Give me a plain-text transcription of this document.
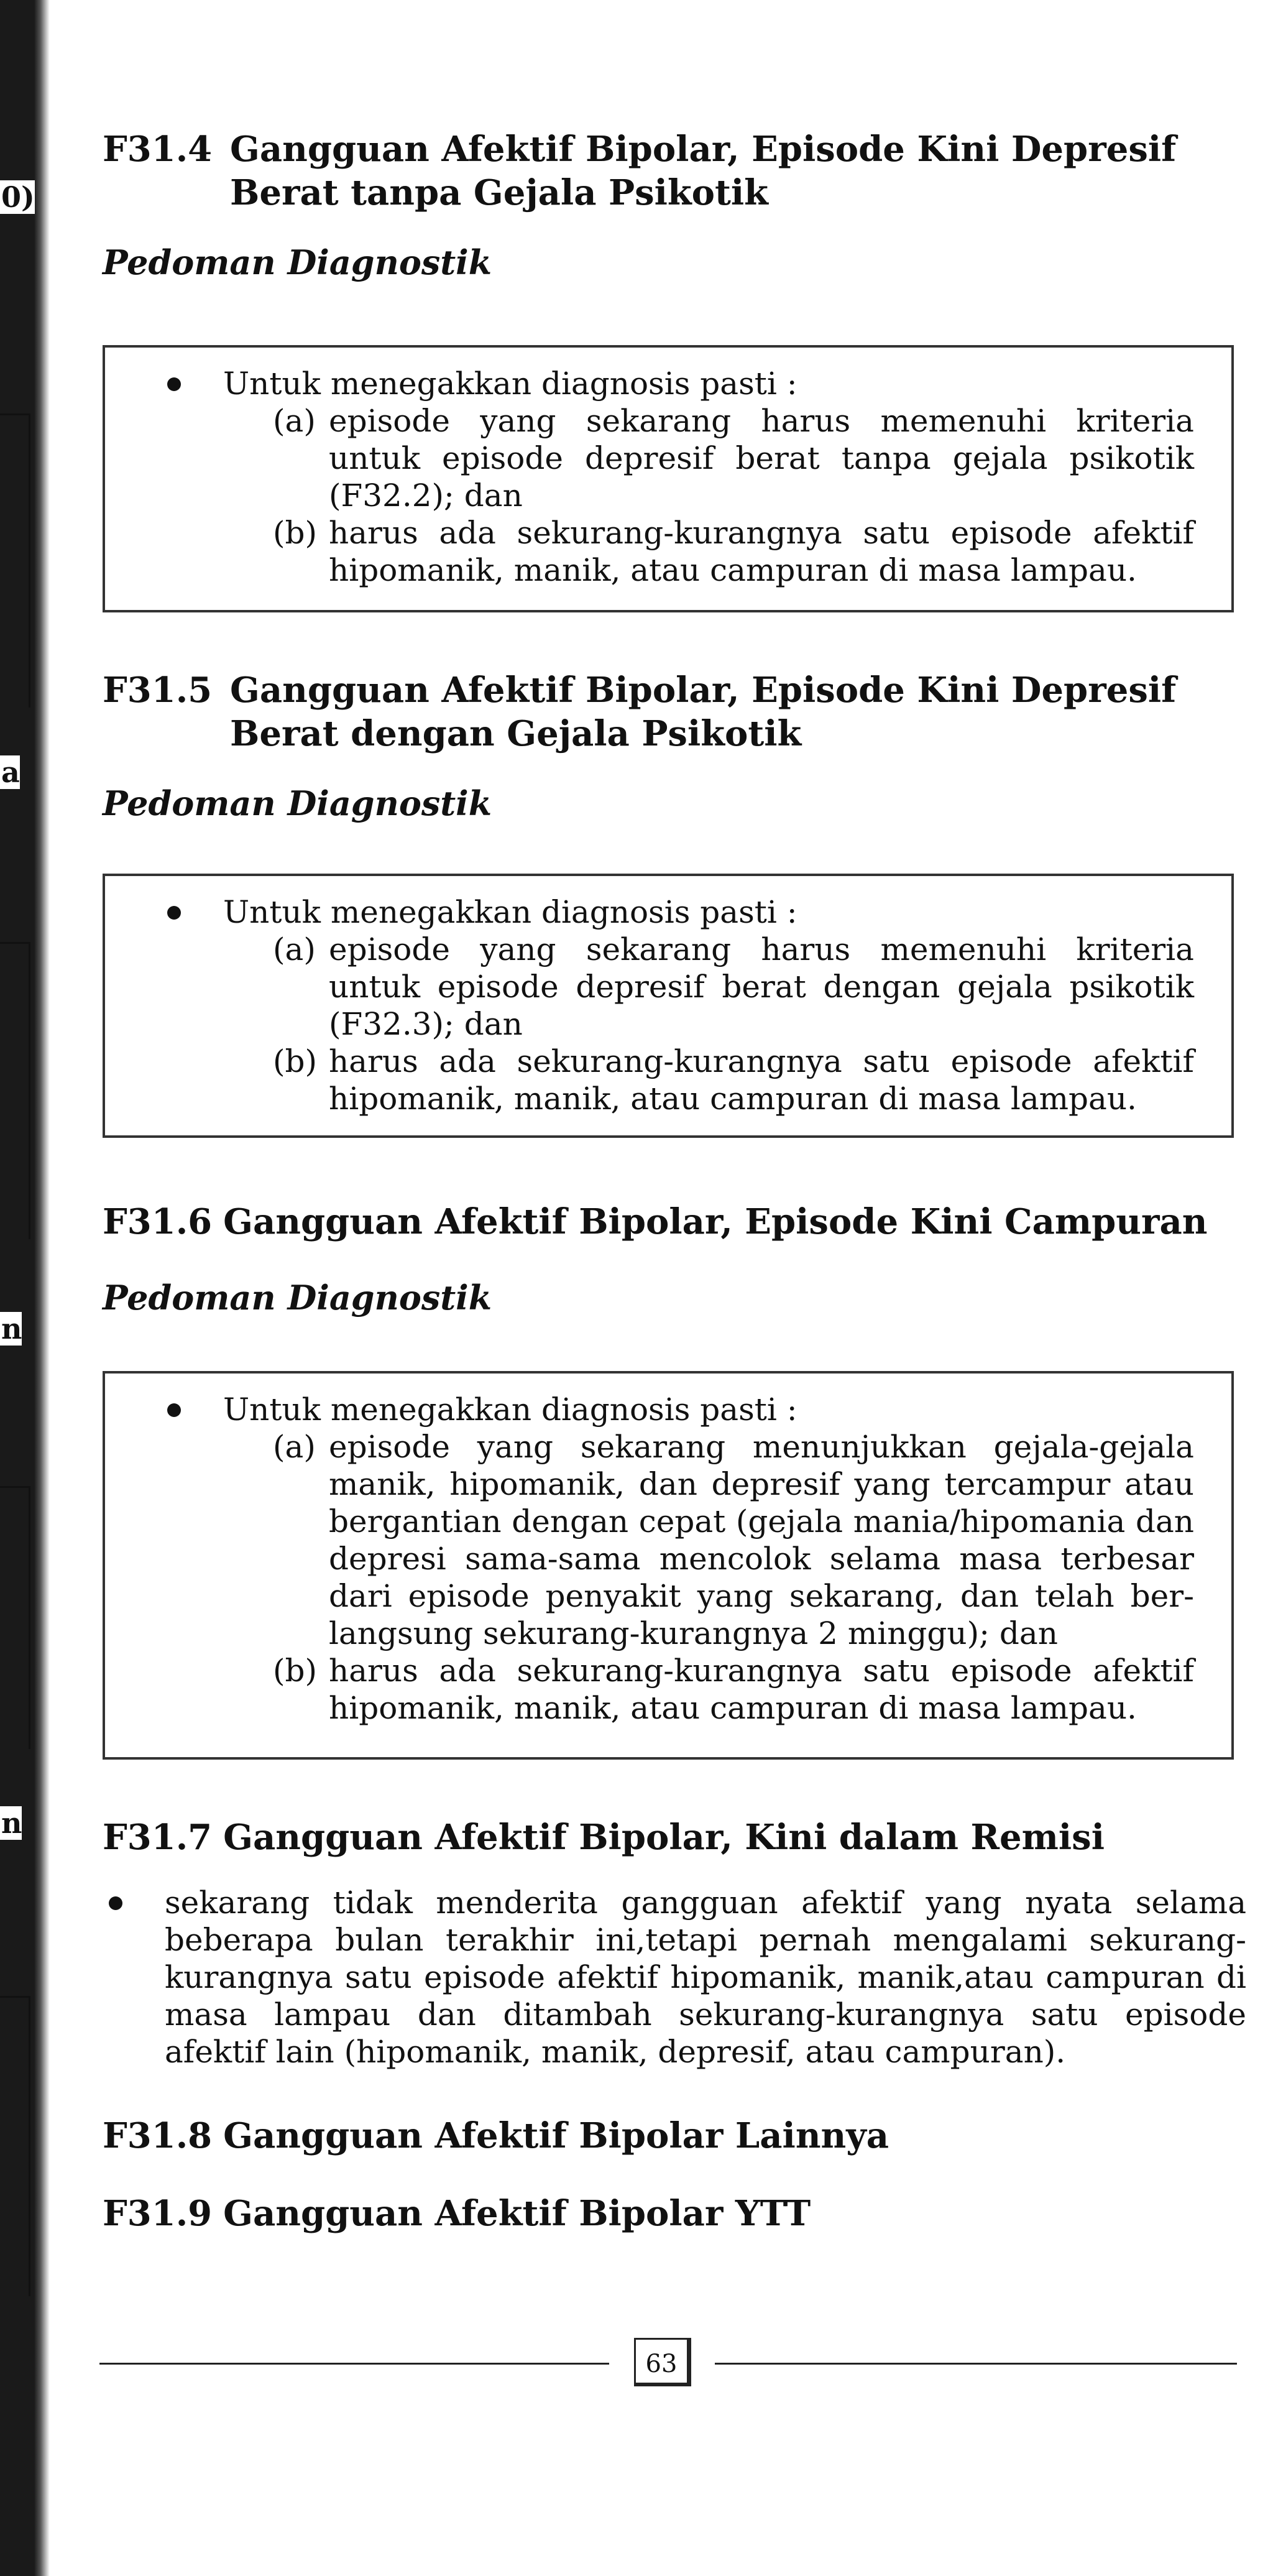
0)
a
n
n
F31.4 Gangguan Afektif Bipolar, Episode Kini Depresif Berat tanpa Gejala Psikotik
Pedoman Diagnostik
Untuk menegakkan diagnosis pasti :
(a) episode yang sekarang harus memenuhi kriteria untuk episode depresif berat tanpa gejala psikotik (F32.2); dan
(b) harus ada sekurang-kurangnya satu episode afektif hipomanik, manik, atau campuran di masa lampau.
F31.5 Gangguan Afektif Bipolar, Episode Kini Depresif Berat dengan Gejala Psikotik
Pedoman Diagnostik
Untuk menegakkan diagnosis pasti :
(a) episode yang sekarang harus memenuhi kriteria untuk episode depresif berat dengan gejala psikotik (F32.3); dan
(b) harus ada sekurang-kurangnya satu episode afektif hipomanik, manik, atau campuran di masa lampau.
F31.6 Gangguan Afektif Bipolar, Episode Kini Campuran
Pedoman Diagnostik
Untuk menegakkan diagnosis pasti :
(a) episode yang sekarang menunjukkan gejala-gejala manik, hipomanik, dan depresif yang tercampur atau bergantian dengan cepat (gejala mania/hipomania dan depresi sama-sama mencolok selama masa terbesar dari episode penyakit yang sekarang, dan telah ber-langsung sekurang-kurangnya 2 minggu); dan
(b) harus ada sekurang-kurangnya satu episode afektif hipomanik, manik, atau campuran di masa lampau.
F31.7 Gangguan Afektif Bipolar, Kini dalam Remisi
sekarang tidak menderita gangguan afektif yang nyata selama beberapa bulan terakhir ini,tetapi pernah mengalami sekurang-kurangnya satu episode afektif hipomanik, manik,atau campuran di masa lampau dan ditambah sekurang-kurangnya satu episode afektif lain (hipomanik, manik, depresif, atau campuran).
F31.8 Gangguan Afektif Bipolar Lainnya
F31.9 Gangguan Afektif Bipolar YTT
63
